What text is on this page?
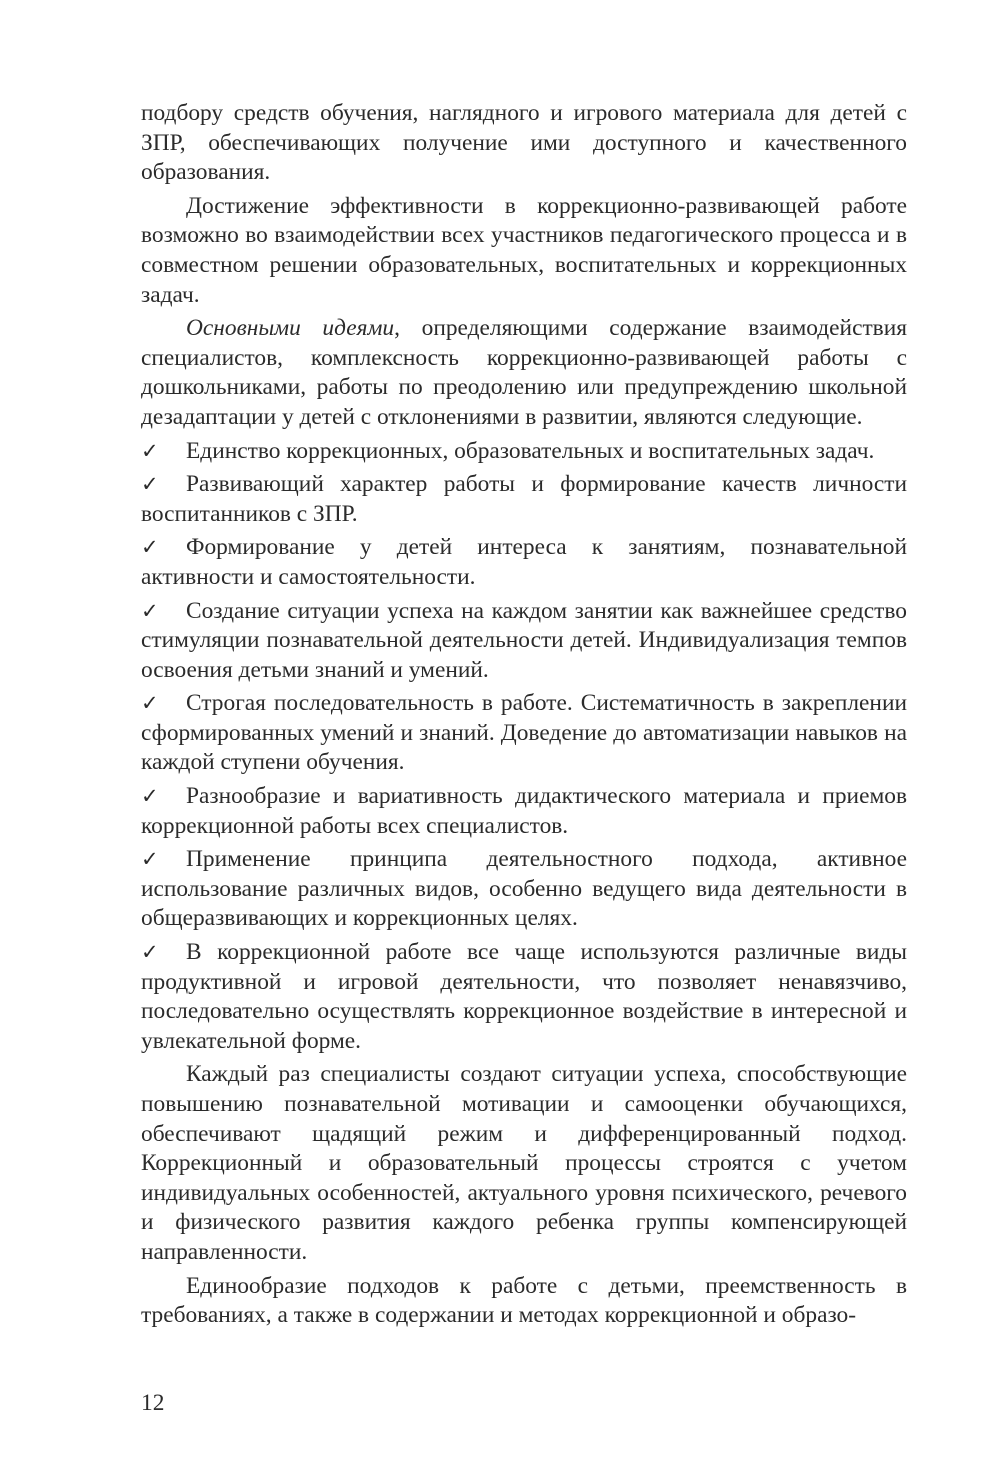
подбору средств обучения, наглядного и игрового материала для детей с ЗПР, обеспечивающих получение ими доступного и качественного образования.

Достижение эффективности в коррекционно-развивающей работе возможно во взаимодействии всех участников педагогического процесса и в совместном решении образовательных, воспитательных и коррекционных задач.

Основными идеями, определяющими содержание взаимодействия специалистов, комплексность коррекционно-развивающей работы с дошкольниками, работы по преодолению или предупреждению школьной дезадаптации у детей с отклонениями в развитии, являются следующие.

✓ Единство коррекционных, образовательных и воспитательных задач.

✓ Развивающий характер работы и формирование качеств личности воспитанников с ЗПР.

✓ Формирование у детей интереса к занятиям, познавательной активности и самостоятельности.

✓ Создание ситуации успеха на каждом занятии как важнейшее средство стимуляции познавательной деятельности детей. Индивидуализация темпов освоения детьми знаний и умений.

✓ Строгая последовательность в работе. Систематичность в закреплении сформированных умений и знаний. Доведение до автоматизации навыков на каждой ступени обучения.

✓ Разнообразие и вариативность дидактического материала и приемов коррекционной работы всех специалистов.

✓ Применение принципа деятельностного подхода, активное использование различных видов, особенно ведущего вида деятельности в общеразвивающих и коррекционных целях.

✓ В коррекционной работе все чаще используются различные виды продуктивной и игровой деятельности, что позволяет ненавязчиво, последовательно осуществлять коррекционное воздействие в интересной и увлекательной форме.

Каждый раз специалисты создают ситуации успеха, способствующие повышению познавательной мотивации и самооценки обучающихся, обеспечивают щадящий режим и дифференцированный подход. Коррекционный и образовательный процессы строятся с учетом индивидуальных особенностей, актуального уровня психического, речевого и физического развития каждого ребенка группы компенсирующей направленности.

Единообразие подходов к работе с детьми, преемственность в требованиях, а также в содержании и методах коррекционной и образо-

12
